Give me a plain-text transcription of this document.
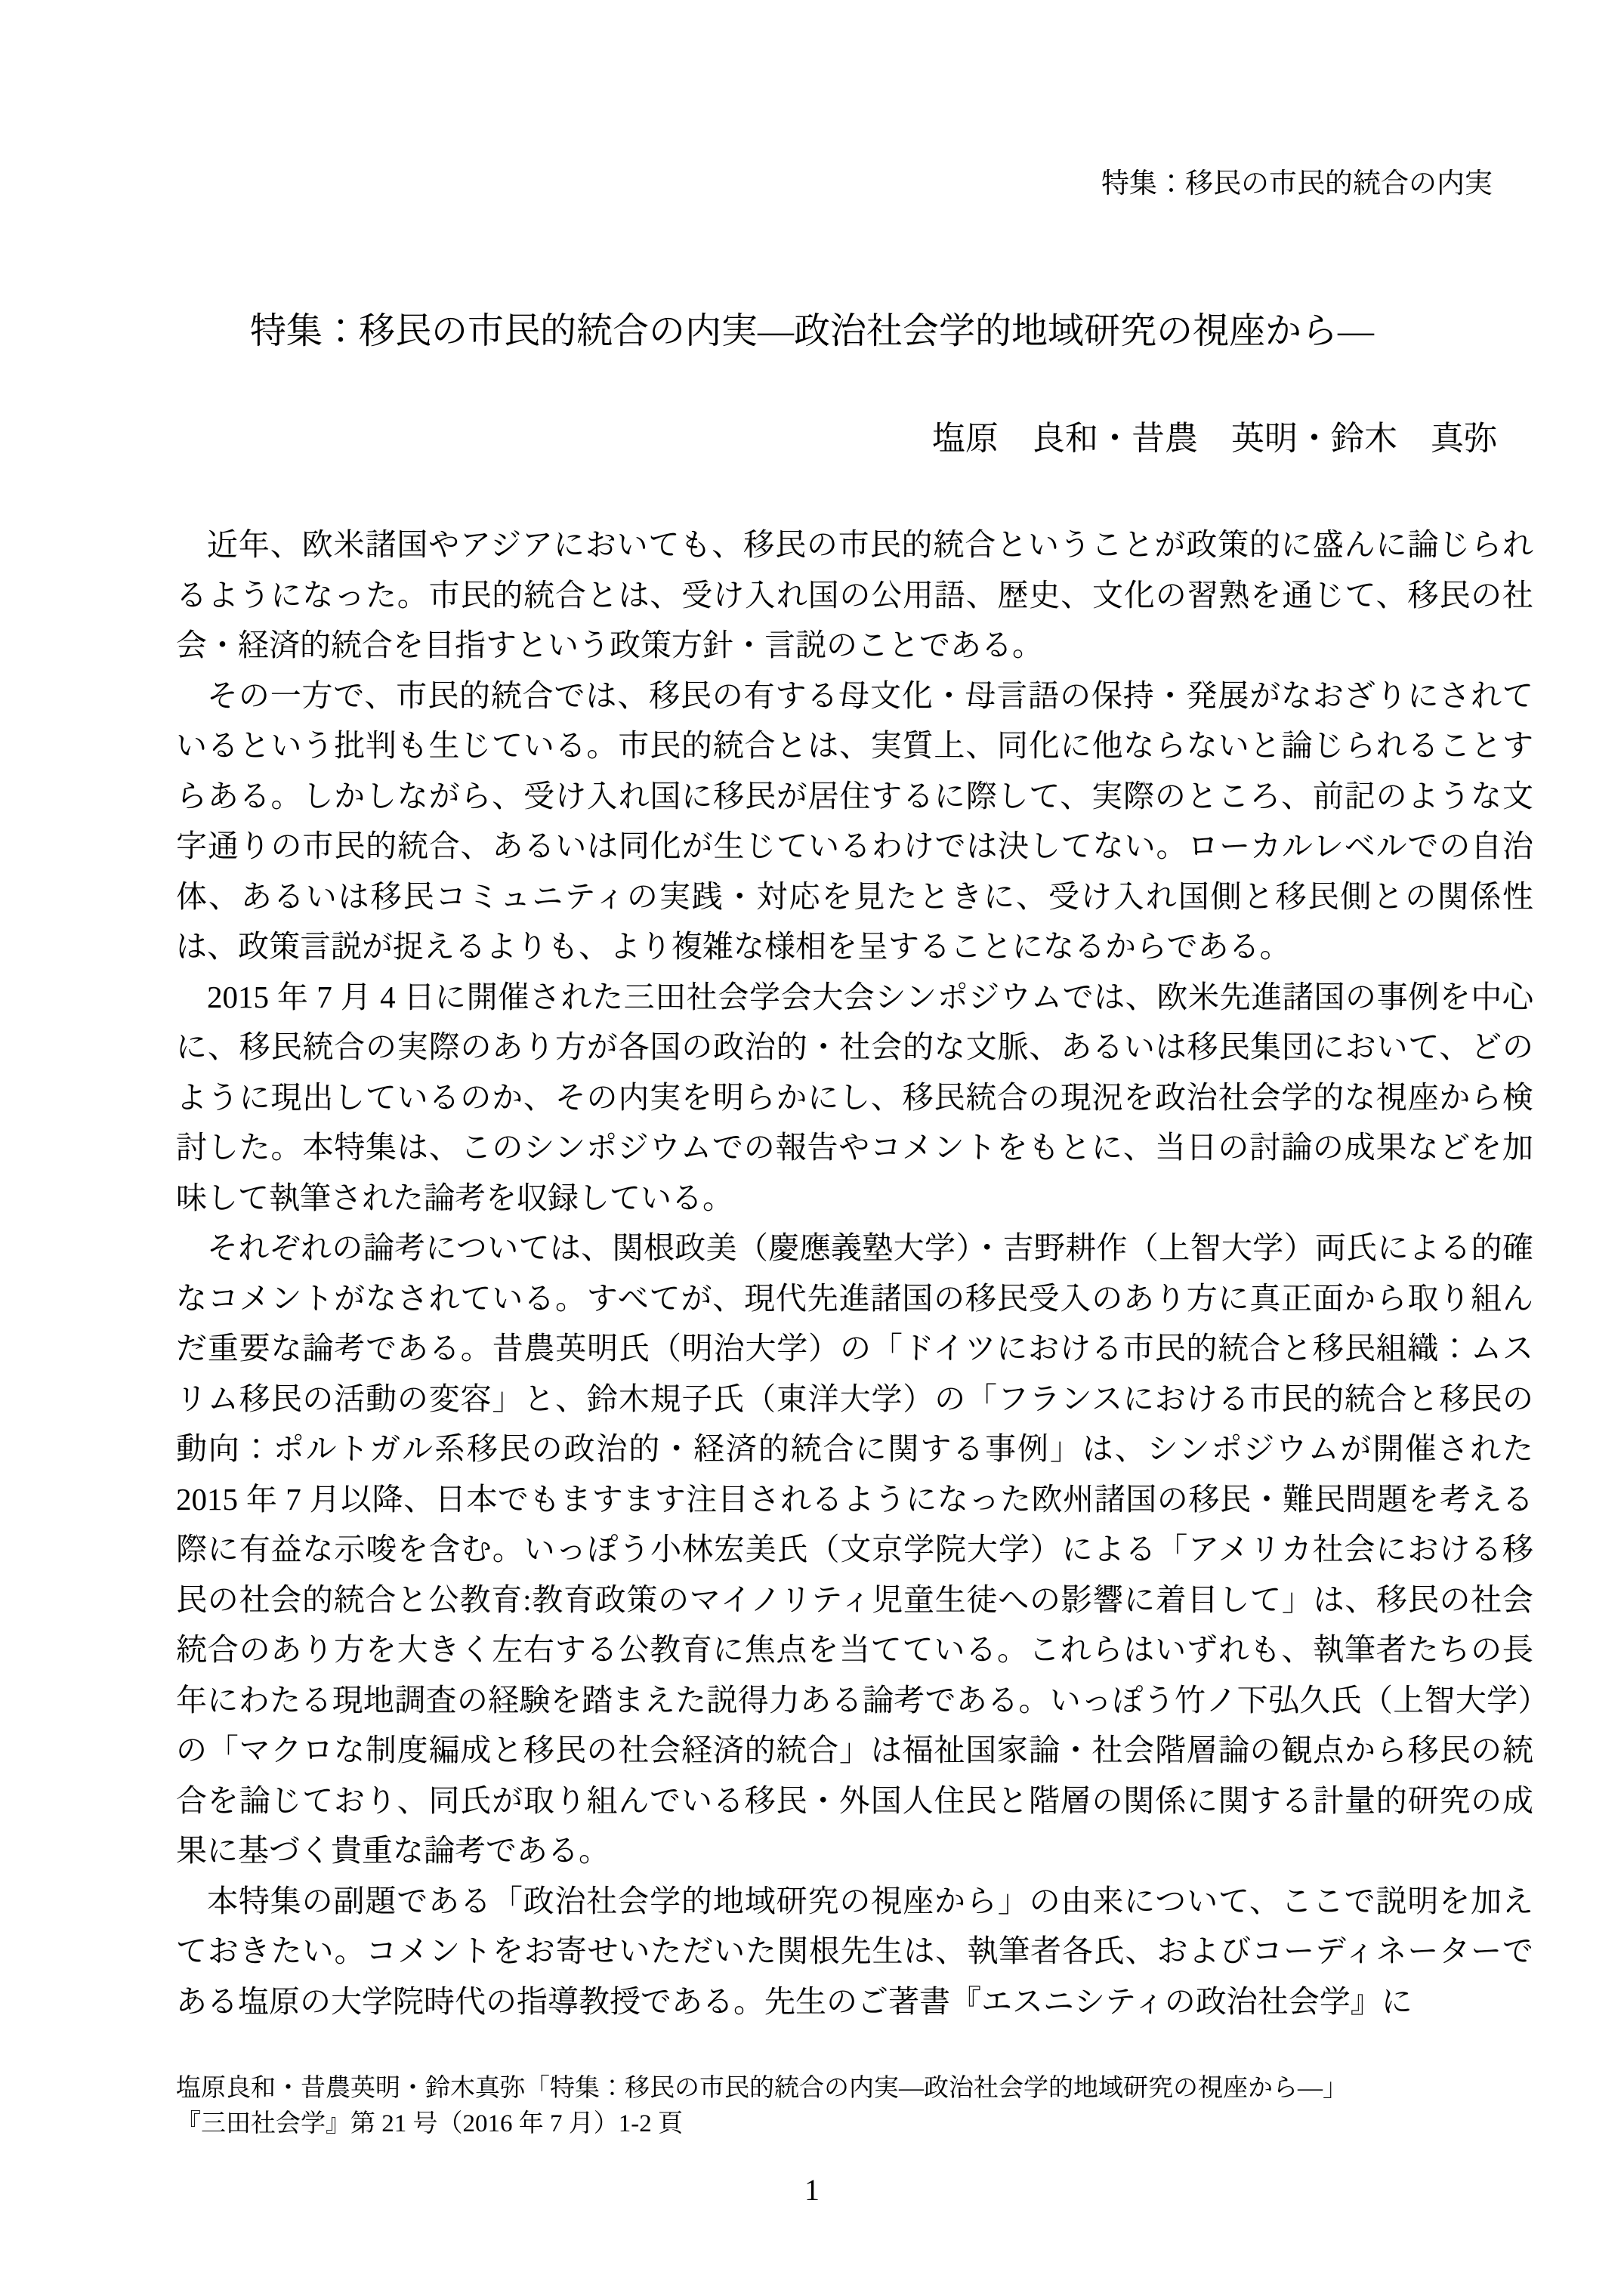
特集：移民の市民的統合の内実
特集：移民の市民的統合の内実—政治社会学的地域研究の視座から—
塩原　良和・昔農　英明・鈴木　真弥

近年、欧米諸国やアジアにおいても、移民の市民的統合ということが政策的に盛んに論じられるようになった。市民的統合とは、受け入れ国の公用語、歴史、文化の習熟を通じて、移民の社会・経済的統合を目指すという政策方針・言説のことである。

その一方で、市民的統合では、移民の有する母文化・母言語の保持・発展がなおざりにされているという批判も生じている。市民的統合とは、実質上、同化に他ならないと論じられることすらある。しかしながら、受け入れ国に移民が居住するに際して、実際のところ、前記のような文字通りの市民的統合、あるいは同化が生じているわけでは決してない。ローカルレベルでの自治体、あるいは移民コミュニティの実践・対応を見たときに、受け入れ国側と移民側との関係性は、政策言説が捉えるよりも、より複雑な様相を呈することになるからである。

2015 年 7 月 4 日に開催された三田社会学会大会シンポジウムでは、欧米先進諸国の事例を中心に、移民統合の実際のあり方が各国の政治的・社会的な文脈、あるいは移民集団において、どのように現出しているのか、その内実を明らかにし、移民統合の現況を政治社会学的な視座から検討した。本特集は、このシンポジウムでの報告やコメントをもとに、当日の討論の成果などを加味して執筆された論考を収録している。

それぞれの論考については、関根政美（慶應義塾大学）・吉野耕作（上智大学）両氏による的確なコメントがなされている。すべてが、現代先進諸国の移民受入のあり方に真正面から取り組んだ重要な論考である。昔農英明氏（明治大学）の「ドイツにおける市民的統合と移民組織：ムスリム移民の活動の変容」と、鈴木規子氏（東洋大学）の「フランスにおける市民的統合と移民の動向：ポルトガル系移民の政治的・経済的統合に関する事例」は、シンポジウムが開催された 2015 年 7 月以降、日本でもますます注目されるようになった欧州諸国の移民・難民問題を考える際に有益な示唆を含む。いっぽう小林宏美氏（文京学院大学）による「アメリカ社会における移民の社会的統合と公教育:教育政策のマイノリティ児童生徒への影響に着目して」は、移民の社会統合のあり方を大きく左右する公教育に焦点を当てている。これらはいずれも、執筆者たちの長年にわたる現地調査の経験を踏まえた説得力ある論考である。いっぽう竹ノ下弘久氏（上智大学）の「マクロな制度編成と移民の社会経済的統合」は福祉国家論・社会階層論の観点から移民の統合を論じており、同氏が取り組んでいる移民・外国人住民と階層の関係に関する計量的研究の成果に基づく貴重な論考である。

本特集の副題である「政治社会学的地域研究の視座から」の由来について、ここで説明を加えておきたい。コメントをお寄せいただいた関根先生は、執筆者各氏、およびコーディネーターである塩原の大学院時代の指導教授である。先生のご著書『エスニシティの政治社会学』に

塩原良和・昔農英明・鈴木真弥「特集：移民の市民的統合の内実—政治社会学的地域研究の視座から—」
『三田社会学』第 21 号（2016 年 7 月）1-2 頁
1
